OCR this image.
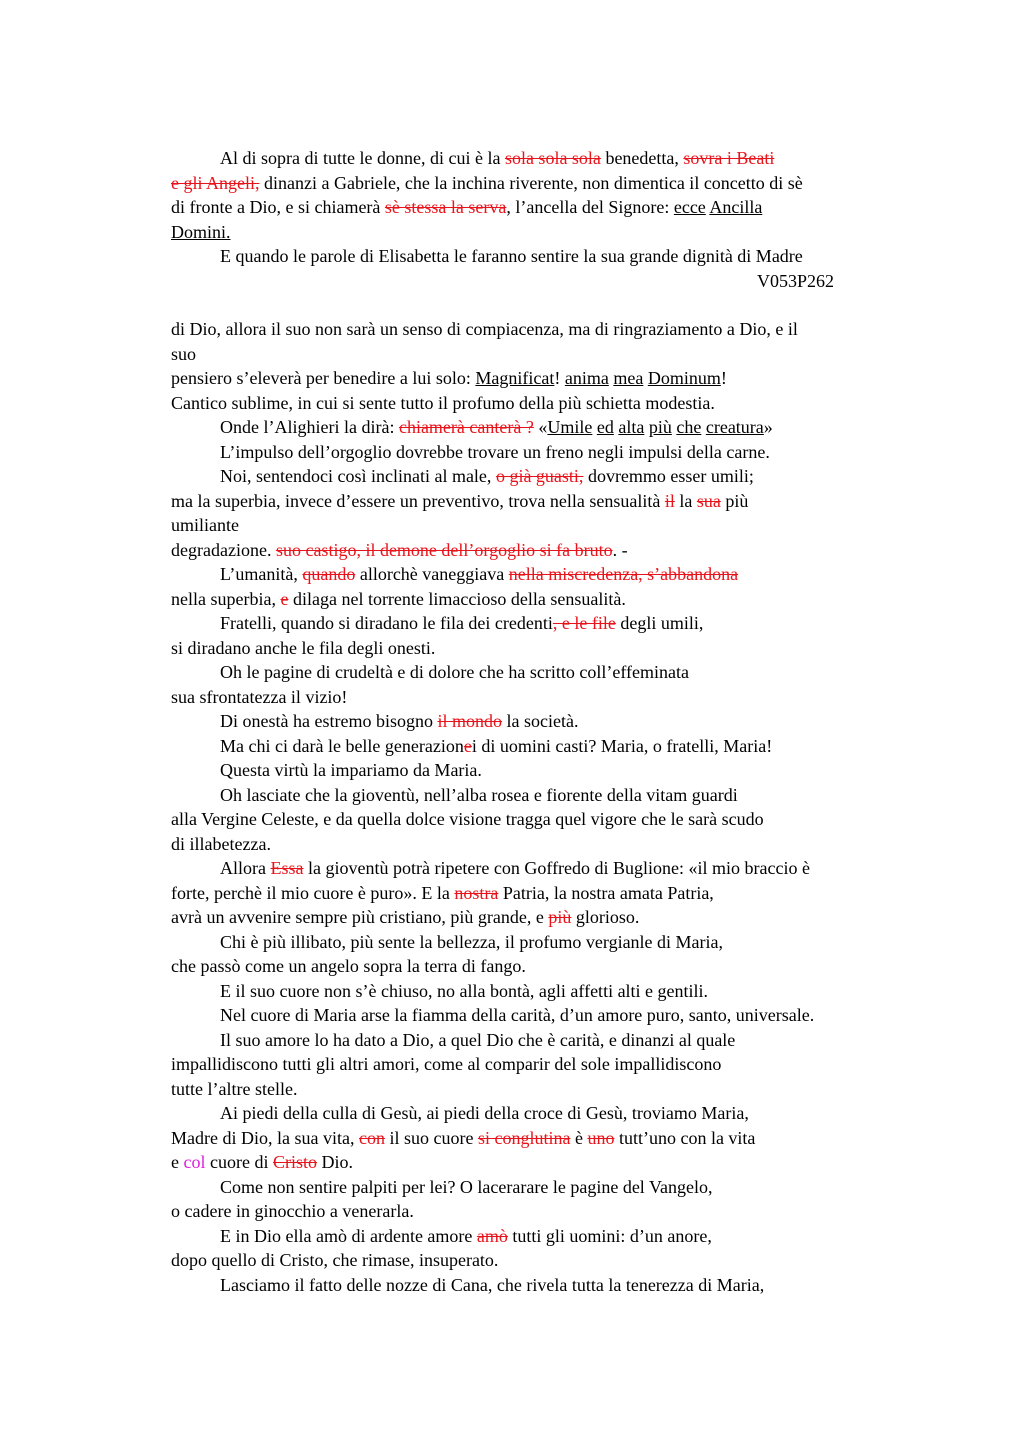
Al di sopra di tutte le donne, di cui è la sola sola sola benedetta, sovra i Beati
e gli Angeli, dinanzi a Gabriele, che la inchina riverente, non dimentica il concetto di sè
di fronte a Dio, e si chiamerà sè stessa la serva, l’ancella del Signore: ecce Ancilla
Domini.
E quando le parole di Elisabetta le faranno sentire la sua grande dignità di Madre
V053P262
di Dio, allora il suo non sarà un senso di compiacenza, ma di ringraziamento a Dio, e il
suo
pensiero s’eleverà per benedire a lui solo: Magnificat! anima mea Dominum!
Cantico sublime, in cui si sente tutto il profumo della più schietta modestia.
Onde l’Alighieri la dirà: chiamerà canterà ? «Umile ed alta più che creatura»
L’impulso dell’orgoglio dovrebbe trovare un freno negli impulsi della carne.
Noi, sentendoci così inclinati al male, o già guasti, dovremmo esser umili;
ma la superbia, invece d’essere un preventivo, trova nella sensualità il la sua più
umiliante
degradazione. suo castigo, il demone dell’orgoglio si fa bruto. -
L’umanità, quando allorchè vaneggiava nella miscredenza, s’abbandona
nella superbia, e dilaga nel torrente limaccioso della sensualità.
Fratelli, quando si diradano le fila dei credenti, e le file degli umili,
si diradano anche le fila degli onesti.
Oh le pagine di crudeltà e di dolore che ha scritto coll’effeminata
sua sfrontatezza il vizio!
Di onestà ha estremo bisogno il mondo la società.
Ma chi ci darà le belle generazionei di uomini casti? Maria, o fratelli, Maria!
Questa virtù la impariamo da Maria.
Oh lasciate che la gioventù, nell’alba rosea e fiorente della vitam guardi
alla Vergine Celeste, e da quella dolce visione tragga quel vigore che le sarà scudo
di illabetezza.
Allora Essa la gioventù potrà ripetere con Goffredo di Buglione: «il mio braccio è
forte, perchè il mio cuore è puro». E la nostra Patria, la nostra amata Patria,
avrà un avvenire sempre più cristiano, più grande, e più glorioso.
Chi è più illibato, più sente la bellezza, il profumo vergianle di Maria,
che passò come un angelo sopra la terra di fango.
E il suo cuore non s’è chiuso, no alla bontà, agli affetti alti e gentili.
Nel cuore di Maria arse la fiamma della carità, d’un amore puro, santo, universale.
Il suo amore lo ha dato a Dio, a quel Dio che è carità, e dinanzi al quale
impallidiscono tutti gli altri amori, come al comparir del sole impallidiscono
tutte l’altre stelle.
Ai piedi della culla di Gesù, ai piedi della croce di Gesù, troviamo Maria,
Madre di Dio, la sua vita, con il suo cuore si conglutina è uno tutt’uno con la vita
e col cuore di Cristo Dio.
Come non sentire palpiti per lei? O lacerarare le pagine del Vangelo,
o cadere in ginocchio a venerarla.
E in Dio ella amò di ardente amore amò tutti gli uomini: d’un anore,
dopo quello di Cristo, che rimase, insuperato.
Lasciamo il fatto delle nozze di Cana, che rivela tutta la tenerezza di Maria,
